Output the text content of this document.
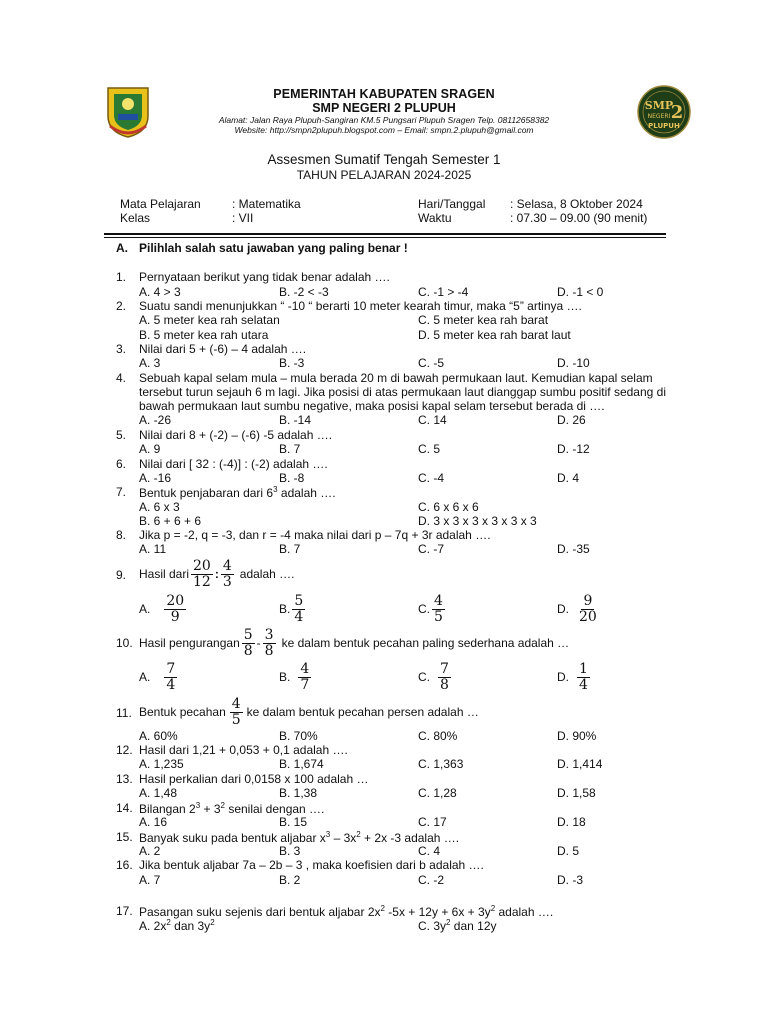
SMP
NEGERI 2
PLUPUH
PEMERINTAH KABUPATEN SRAGEN
SMP NEGERI 2 PLUPUH
Alamat: Jalan Raya Plupuh-Sangiran KM.5 Pungsari Plupuh Sragen Telp. 08112658382
Website: http://smpn2plupuh.blogspot.com – Email: smpn.2.plupuh@gmail.com
Assesmen Sumatif Tengah Semester 1
TAHUN PELAJARAN 2024-2025
Mata Pelajaran	: Matematika
Kelas	: VII
Hari/Tanggal : Selasa, 8 Oktober 2024
Waktu	: 07.30 – 09.00 (90 menit)
A. Pilihlah salah satu jawaban yang paling benar !
1. Pernyataan berikut yang tidak benar adalah ….
A. 4 > 3	B. -2 < -3	C. -1 > -4	D. -1 < 0
2. Suatu sandi menunjukkan “ -10 “ berarti 10 meter kearah timur, maka “5” artinya ….
A. 5 meter kea rah selatan	C. 5 meter kea rah barat
B. 5 meter kea rah utara	D. 5 meter kea rah barat laut
3. Nilai dari 5 + (-6) – 4 adalah ….
A. 3	B. -3	C. -5	D. -10
4. Sebuah kapal selam mula – mula berada 20 m di bawah permukaan laut. Kemudian kapal selam
tersebut turun sejauh 6 m lagi. Jika posisi di atas permukaan laut dianggap sumbu positif sedang di
bawah permukaan laut sumbu negative, maka posisi kapal selam tersebut berada di ….
A. -26	B. -14	C. 14	D. 26
5. Nilai dari 8 + (-2) – (-6) -5 adalah ….
A. 9	B. 7	C. 5	D. -12
6. Nilai dari [ 32 : (-4)] : (-2) adalah ….
A. -16	B. -8	C. -4	D. 4
7. Bentuk penjabaran dari $6^3$ adalah ….
A. 6 x 3	C. 6 x 6 x 6
B. 6 + 6 + 6	D. 3 x 3 x 3 x 3 x 3 x 3
8. Jika p = -2, q = -3, dan r = -4 maka nilai dari p – 7q + 3r adalah ….
A. 11	B. 7	C. -7	D. -35
9. Hasil dari $\frac{20}{12}$ : $\frac{4}{3}$ adalah ….
A. $\frac{20}{9}$	B. $\frac{5}{4}$	C. $\frac{4}{5}$	D. $\frac{9}{20}$
10. Hasil pengurangan $\frac{5}{8} - \frac{3}{8}$ ke dalam bentuk pecahan paling sederhana adalah …
A. $\frac{7}{4}$	B. $\frac{4}{7}$	C. $\frac{7}{8}$	D. $\frac{1}{4}$
11. Bentuk pecahan $\frac{4}{5}$ ke dalam bentuk pecahan persen adalah …
A. 60%	B. 70%	C. 80%	D. 90%
12. Hasil dari 1,21 + 0,053 + 0,1 adalah ….
A. 1,235	B. 1,674	C. 1,363	D. 1,414
13. Hasil perkalian dari 0,0158 x 100 adalah …
A. 1,48	B. 1,38	C. 1,28	D. 1,58
14. Bilangan $2^3 + 3^2$ senilai dengan ….
A. 16	B. 15	C. 17	D. 18
15. Banyak suku pada bentuk aljabar $x^3 - 3x^2 + 2x$ -3 adalah ….
A. 2	B. 3	C. 4	D. 5
16. Jika bentuk aljabar 7a – 2b – 3 , maka koefisien dari b adalah ….
A. 7	B. 2	C. -2	D. -3
17. Pasangan suku sejenis dari bentuk aljabar $2x^2$ $-5x + 12y + 6x + 3y^2$ adalah ….
A. $2x^2$ dan $3y^2$	C. $3y^2$ dan 12y
